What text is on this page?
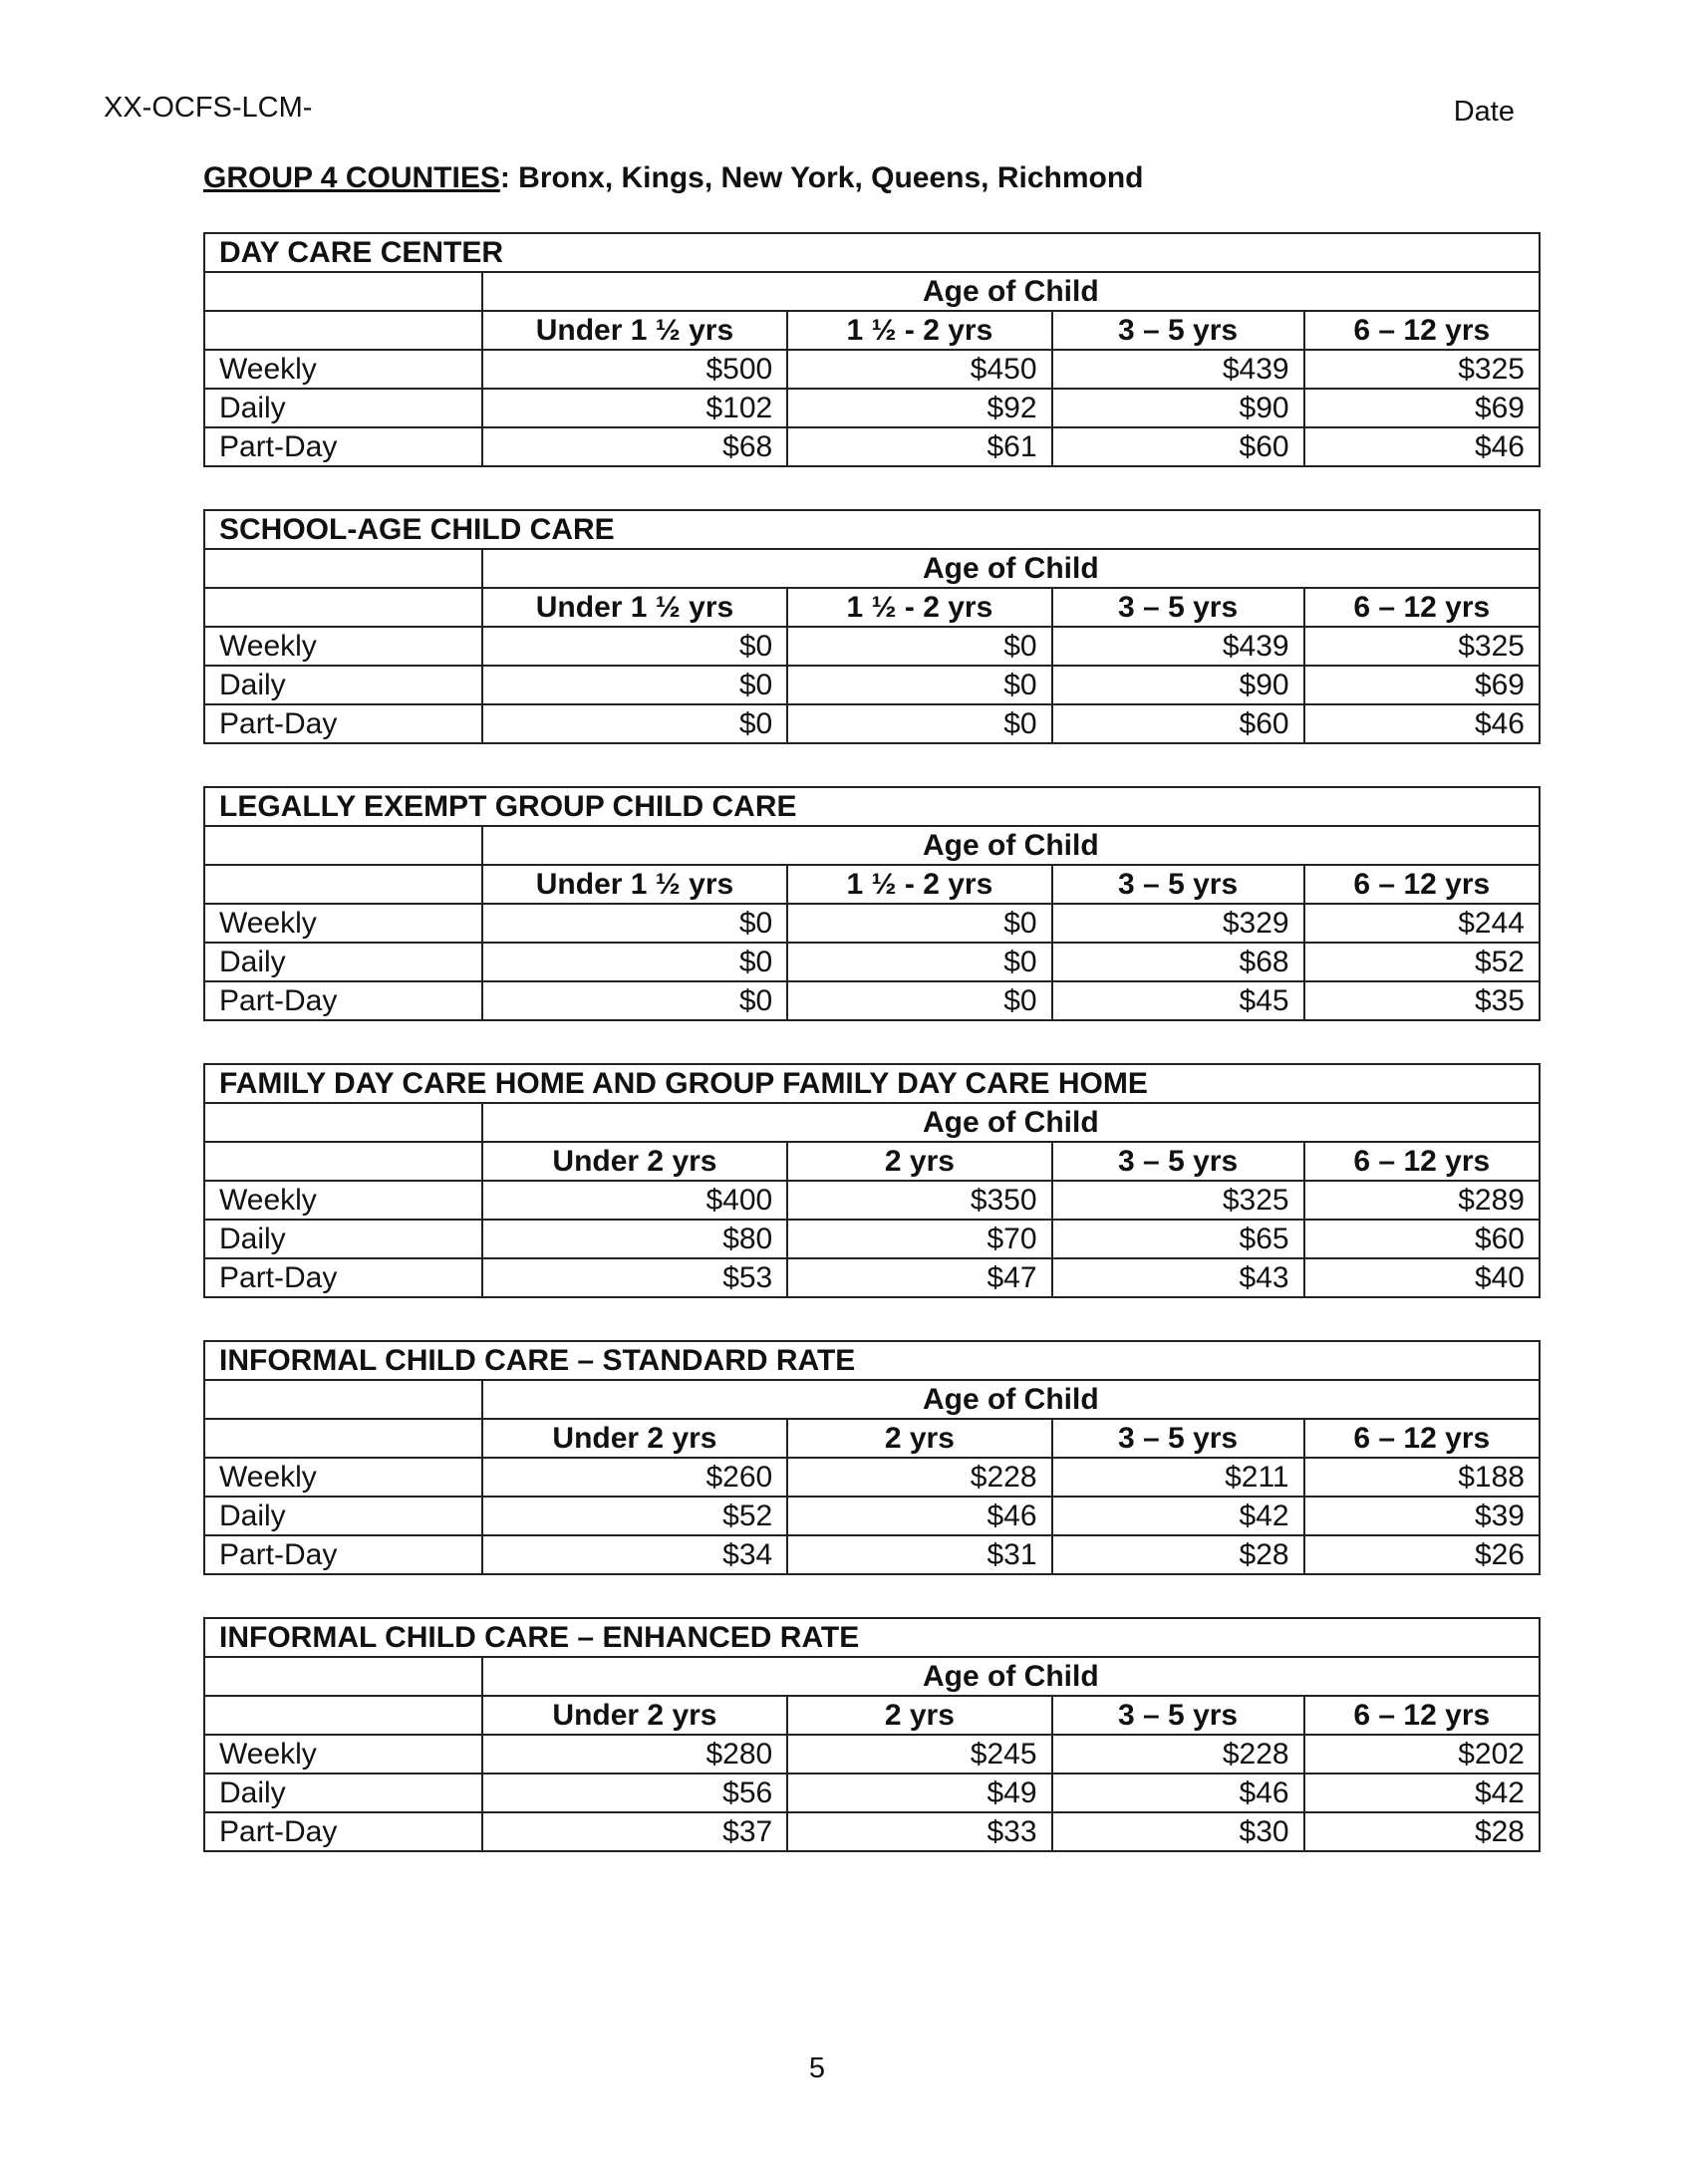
XX-OCFS-LCM-	Date
GROUP 4 COUNTIES: Bronx, Kings, New York, Queens, Richmond
DAY CARE CENTER				
	Age of Child			
	Under 1 ½ yrs	1 ½ - 2 yrs	3 – 5 yrs	6 – 12 yrs
Weekly	$500	$450	$439	$325
Daily	$102	$92	$90	$69
Part-Day	$68	$61	$60	$46
SCHOOL-AGE CHILD CARE				
	Age of Child			
	Under 1 ½ yrs	1 ½ - 2 yrs	3 – 5 yrs	6 – 12 yrs
Weekly	$0	$0	$439	$325
Daily	$0	$0	$90	$69
Part-Day	$0	$0	$60	$46
LEGALLY EXEMPT GROUP CHILD CARE				
	Age of Child			
	Under 1 ½ yrs	1 ½ - 2 yrs	3 – 5 yrs	6 – 12 yrs
Weekly	$0	$0	$329	$244
Daily	$0	$0	$68	$52
Part-Day	$0	$0	$45	$35
FAMILY DAY CARE HOME AND GROUP FAMILY DAY CARE HOME				
	Age of Child			
	Under 2 yrs	2 yrs	3 – 5 yrs	6 – 12 yrs
Weekly	$400	$350	$325	$289
Daily	$80	$70	$65	$60
Part-Day	$53	$47	$43	$40
INFORMAL CHILD CARE – STANDARD RATE				
	Age of Child			
	Under 2 yrs	2 yrs	3 – 5 yrs	6 – 12 yrs
Weekly	$260	$228	$211	$188
Daily	$52	$46	$42	$39
Part-Day	$34	$31	$28	$26
INFORMAL CHILD CARE – ENHANCED RATE				
	Age of Child			
	Under 2 yrs	2 yrs	3 – 5 yrs	6 – 12 yrs
Weekly	$280	$245	$228	$202
Daily	$56	$49	$46	$42
Part-Day	$37	$33	$30	$28
5
